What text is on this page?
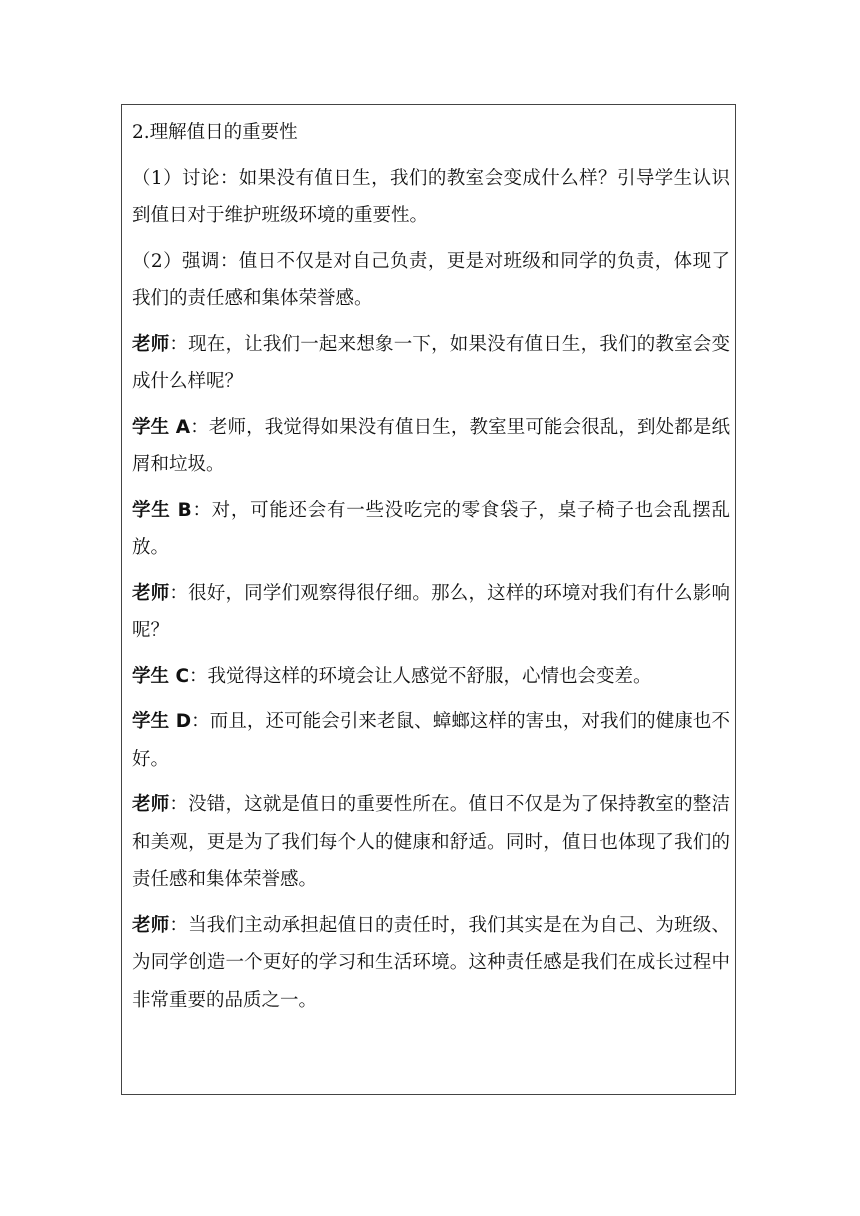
2.理解值日的重要性

（1）讨论：如果没有值日生，我们的教室会变成什么样？引导学生认识到值日对于维护班级环境的重要性。

（2）强调：值日不仅是对自己负责，更是对班级和同学的负责，体现了我们的责任感和集体荣誉感。

老师：现在，让我们一起来想象一下，如果没有值日生，我们的教室会变成什么样呢？

学生 A：老师，我觉得如果没有值日生，教室里可能会很乱，到处都是纸屑和垃圾。

学生 B：对，可能还会有一些没吃完的零食袋子，桌子椅子也会乱摆乱放。

老师：很好，同学们观察得很仔细。那么，这样的环境对我们有什么影响呢？

学生 C：我觉得这样的环境会让人感觉不舒服，心情也会变差。

学生 D：而且，还可能会引来老鼠、蟑螂这样的害虫，对我们的健康也不好。

老师：没错，这就是值日的重要性所在。值日不仅是为了保持教室的整洁和美观，更是为了我们每个人的健康和舒适。同时，值日也体现了我们的责任感和集体荣誉感。

老师：当我们主动承担起值日的责任时，我们其实是在为自己、为班级、为同学创造一个更好的学习和生活环境。这种责任感是我们在成长过程中非常重要的品质之一。
